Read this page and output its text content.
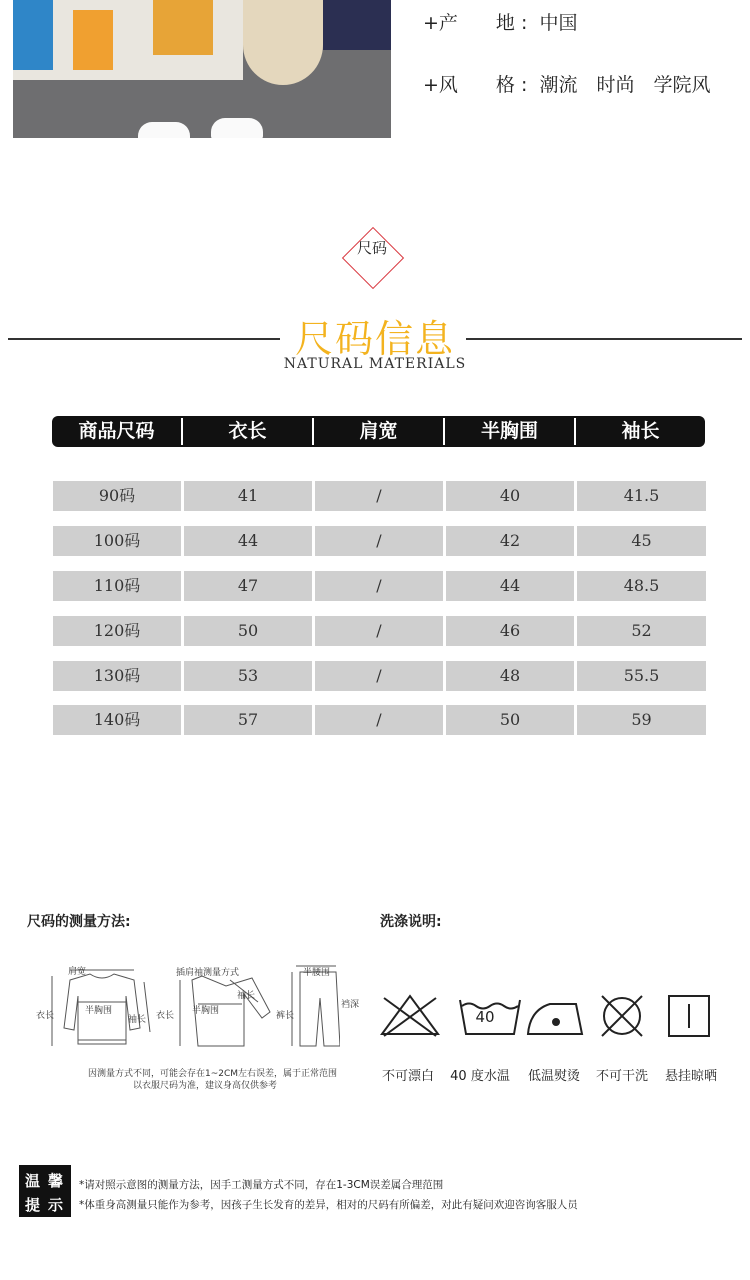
+产　　地 : 中国
+风　　格 : 潮流　时尚　学院风
尺码
尺码信息
NATURAL MATERIALS
商品尺码	衣长	肩宽	半胸围	袖长
90码	41	/	40	41.5
100码	44	/	42	45
110码	47	/	44	48.5
120码	50	/	46	52
130码	53	/	48	55.5
140码	57	/	50	59
尺码的测量方法:
肩宽
衣长	半胸围
袖长
插肩袖测量方式
衣长 半胸围
袖长
半腰围
裤长
裆深
因测量方式不同，可能会存在1~2CM左右误差，属于正常范围
以衣服尺码为准，建议身高仅供参考
洗涤说明:
40
不可漂白	40 度水温	低温熨烫	不可干洗	悬挂晾晒
温 馨
提 示
*请对照示意图的测量方法，因手工测量方式不同，存在1-3CM误差属合理范围
*体重身高测量只能作为参考，因孩子生长发育的差异，相对的尺码有所偏差，对此有疑问欢迎咨询客服人员
